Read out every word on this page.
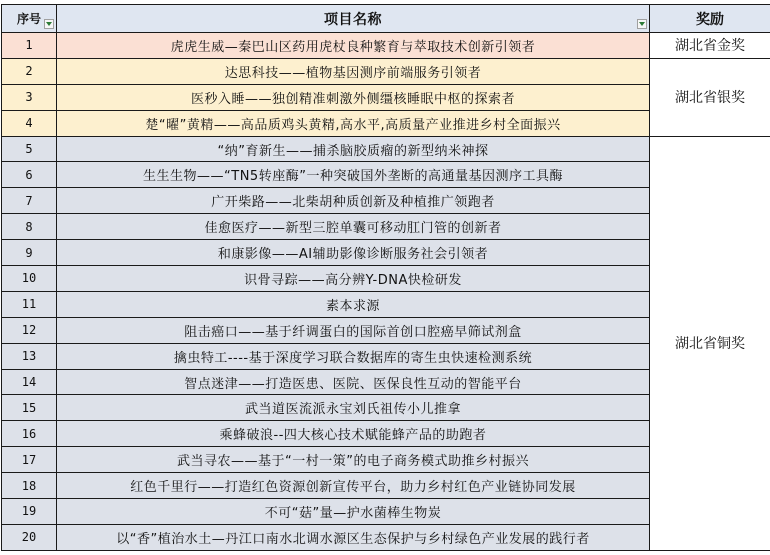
序号	项目名称	奖励
1	虎虎生威—秦巴山区药用虎杖良种繁育与萃取技术创新引领者	湖北省金奖
2	达思科技——植物基因测序前端服务引领者	湖北省银奖
3	医秒入睡——独创精准刺激外侧缰核睡眠中枢的探索者	
4	楚“曜”黄精——高品质鸡头黄精,高水平,高质量产业推进乡村全面振兴	
5	“纳”育新生——捕杀脑胶质瘤的新型纳米神探	湖北省铜奖
6	生生生物——“TN5转座酶”一种突破国外垄断的高通量基因测序工具酶	
7	广开柴路——北柴胡种质创新及种植推广领跑者	
8	佳愈医疗——新型三腔单囊可移动肛门管的创新者	
9	和康影像——AI辅助影像诊断服务社会引领者	
10	识骨寻踪——高分辨Y-DNA快检研发	
11	素本求源	
12	阻击癌口——基于纤调蛋白的国际首创口腔癌早筛试剂盒	
13	擒虫特工----基于深度学习联合数据库的寄生虫快速检测系统	
14	智点迷津——打造医患、医院、医保良性互动的智能平台	
15	武当道医流派永宝刘氏祖传小儿推拿	
16	乘蜂破浪--四大核心技术赋能蜂产品的助跑者	
17	武当寻农——基于“一村一策”的电子商务模式助推乡村振兴	
18	红色千里行——打造红色资源创新宣传平台，助力乡村红色产业链协同发展	
19	不可“菇”量—护水菌棒生物炭	
20	以“香”植治水土—丹江口南水北调水源区生态保护与乡村绿色产业发展的践行者	
